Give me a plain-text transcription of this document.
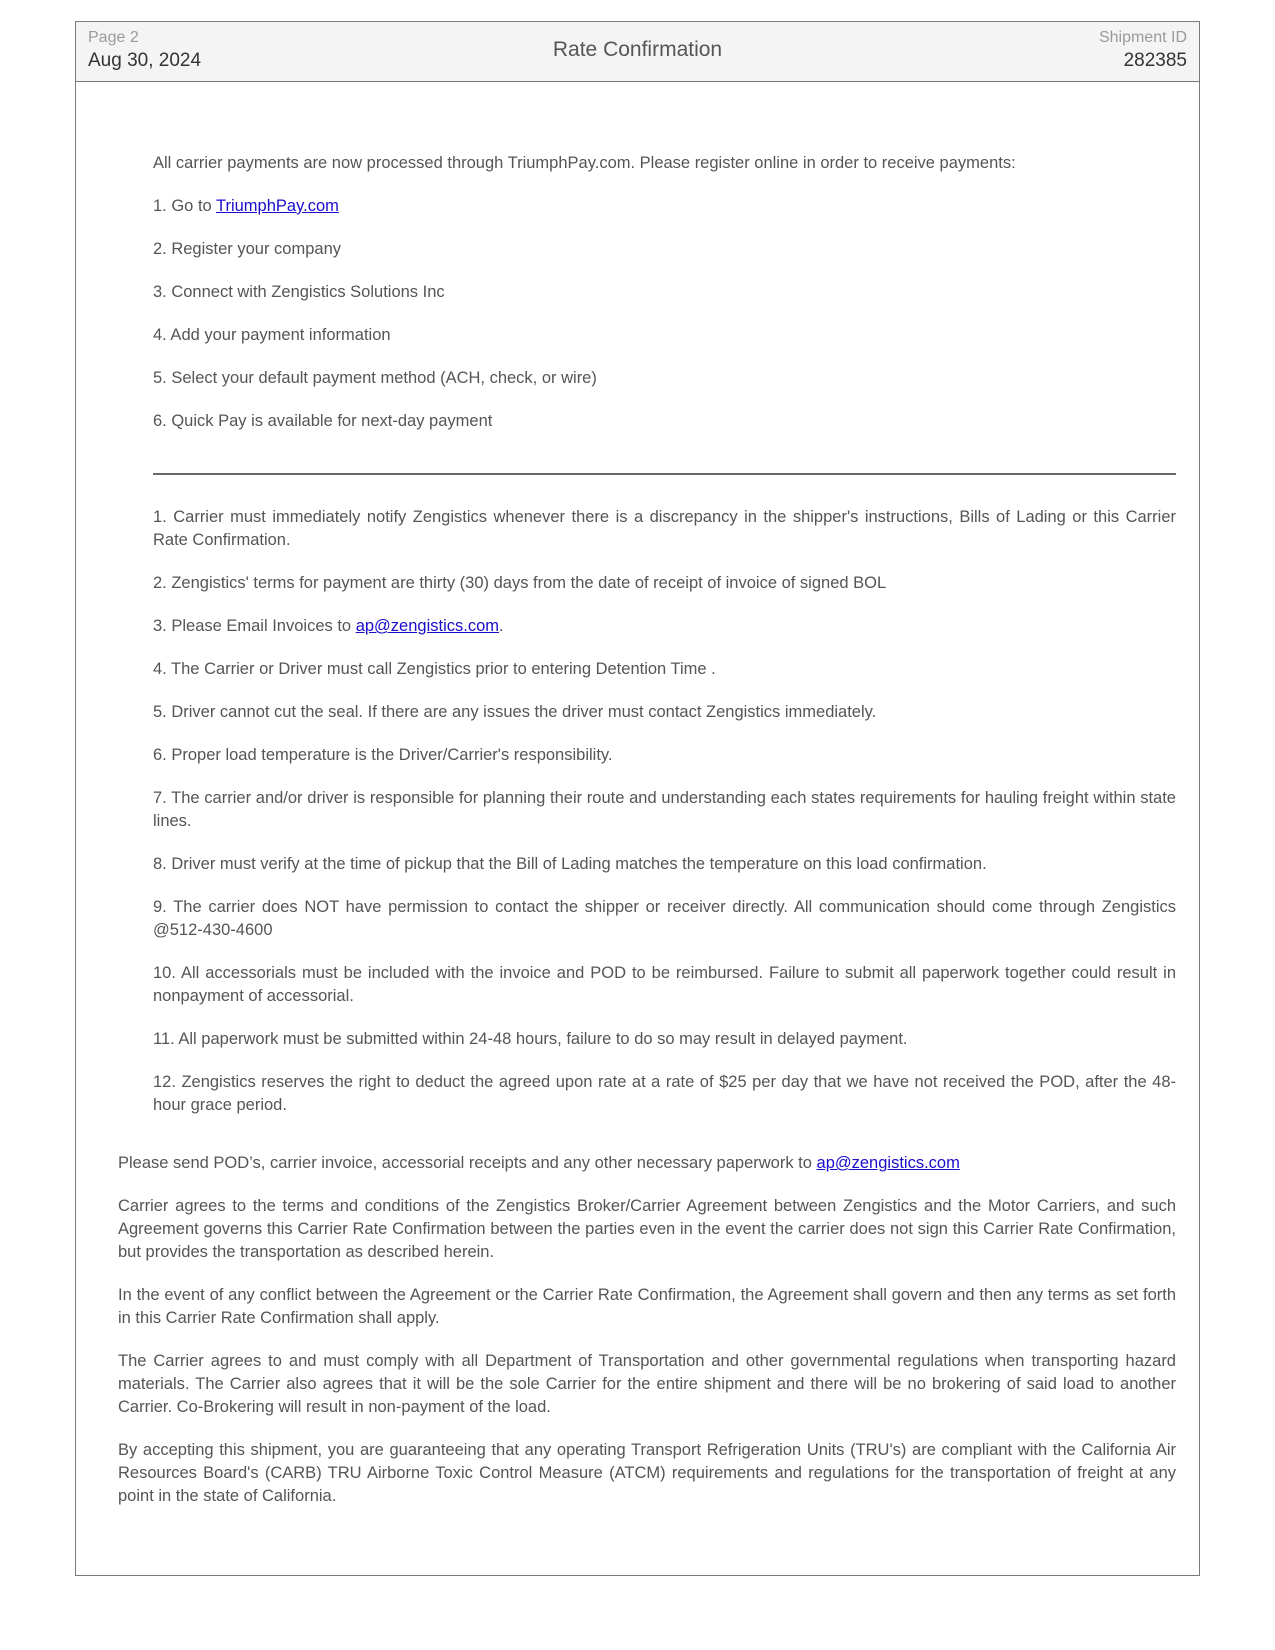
Page 2
Aug 30, 2024	Rate Confirmation
Shipment ID
282385

All carrier payments are now processed through TriumphPay.com. Please register online in order to receive payments:

1. Go to TriumphPay.com

2. Register your company

3. Connect with Zengistics Solutions Inc

4. Add your payment information

5. Select your default payment method (ACH, check, or wire)

6. Quick Pay is available for next-day payment

1. Carrier must immediately notify Zengistics whenever there is a discrepancy in the shipper's instructions, Bills of Lading or this Carrier Rate Confirmation.

2. Zengistics' terms for payment are thirty (30) days from the date of receipt of invoice of signed BOL

3. Please Email Invoices to ap@zengistics.com.

4. The Carrier or Driver must call Zengistics prior to entering Detention Time .

5. Driver cannot cut the seal. If there are any issues the driver must contact Zengistics immediately.

6. Proper load temperature is the Driver/Carrier's responsibility.

7. The carrier and/or driver is responsible for planning their route and understanding each states requirements for hauling freight within state lines.

8. Driver must verify at the time of pickup that the Bill of Lading matches the temperature on this load confirmation.

9. The carrier does NOT have permission to contact the shipper or receiver directly. All communication should come through Zengistics @512-430-4600

10. All accessorials must be included with the invoice and POD to be reimbursed. Failure to submit all paperwork together could result in nonpayment of accessorial.

11. All paperwork must be submitted within 24-48 hours, failure to do so may result in delayed payment.

12. Zengistics reserves the right to deduct the agreed upon rate at a rate of $25 per day that we have not received the POD, after the 48-hour grace period.

Please send POD’s, carrier invoice, accessorial receipts and any other necessary paperwork to ap@zengistics.com

Carrier agrees to the terms and conditions of the Zengistics Broker/Carrier Agreement between Zengistics and the Motor Carriers, and such Agreement governs this Carrier Rate Confirmation between the parties even in the event the carrier does not sign this Carrier Rate Confirmation, but provides the transportation as described herein.

In the event of any conflict between the Agreement or the Carrier Rate Confirmation, the Agreement shall govern and then any terms as set forth in this Carrier Rate Confirmation shall apply.

The Carrier agrees to and must comply with all Department of Transportation and other governmental regulations when transporting hazard materials. The Carrier also agrees that it will be the sole Carrier for the entire shipment and there will be no brokering of said load to another Carrier. Co-Brokering will result in non-payment of the load.

By accepting this shipment, you are guaranteeing that any operating Transport Refrigeration Units (TRU's) are compliant with the California Air Resources Board's (CARB) TRU Airborne Toxic Control Measure (ATCM) requirements and regulations for the transportation of freight at any point in the state of California.
